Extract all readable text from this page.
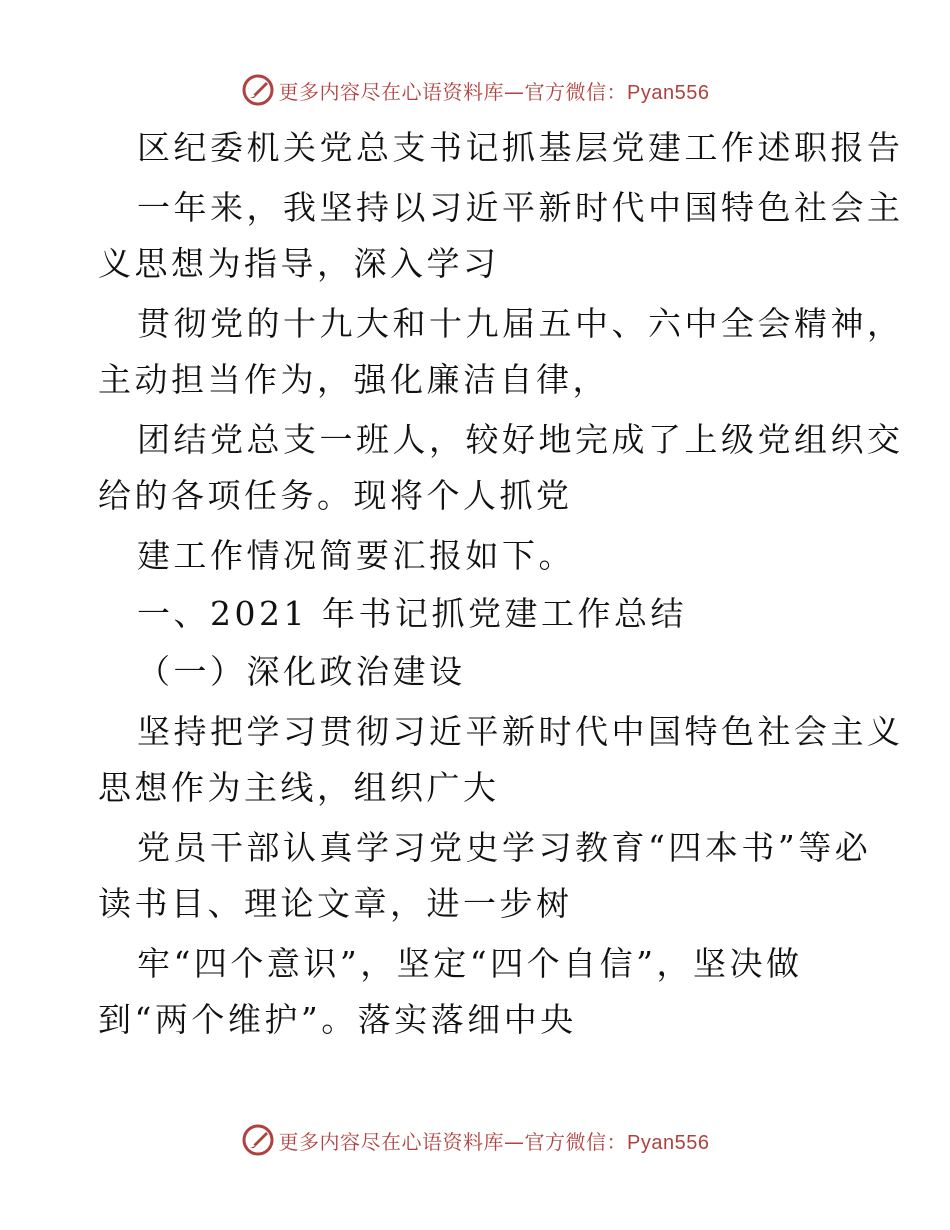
更多内容尽在心语资料库—官方微信：Pyan556
区纪委机关党总支书记抓基层党建工作述职报告
一年来，我坚持以习近平新时代中国特色社会主
义思想为指导，深入学习
贯彻党的十九大和十九届五中、六中全会精神，
主动担当作为，强化廉洁自律，
团结党总支一班人，较好地完成了上级党组织交
给的各项任务。现将个人抓党
建工作情况简要汇报如下。
一、2021 年书记抓党建工作总结
（一）深化政治建设
坚持把学习贯彻习近平新时代中国特色社会主义
思想作为主线，组织广大
党员干部认真学习党史学习教育“四本书”等必
读书目、理论文章，进一步树
牢“四个意识”，坚定“四个自信”，坚决做
到“两个维护”。落实落细中央
更多内容尽在心语资料库—官方微信：Pyan556
